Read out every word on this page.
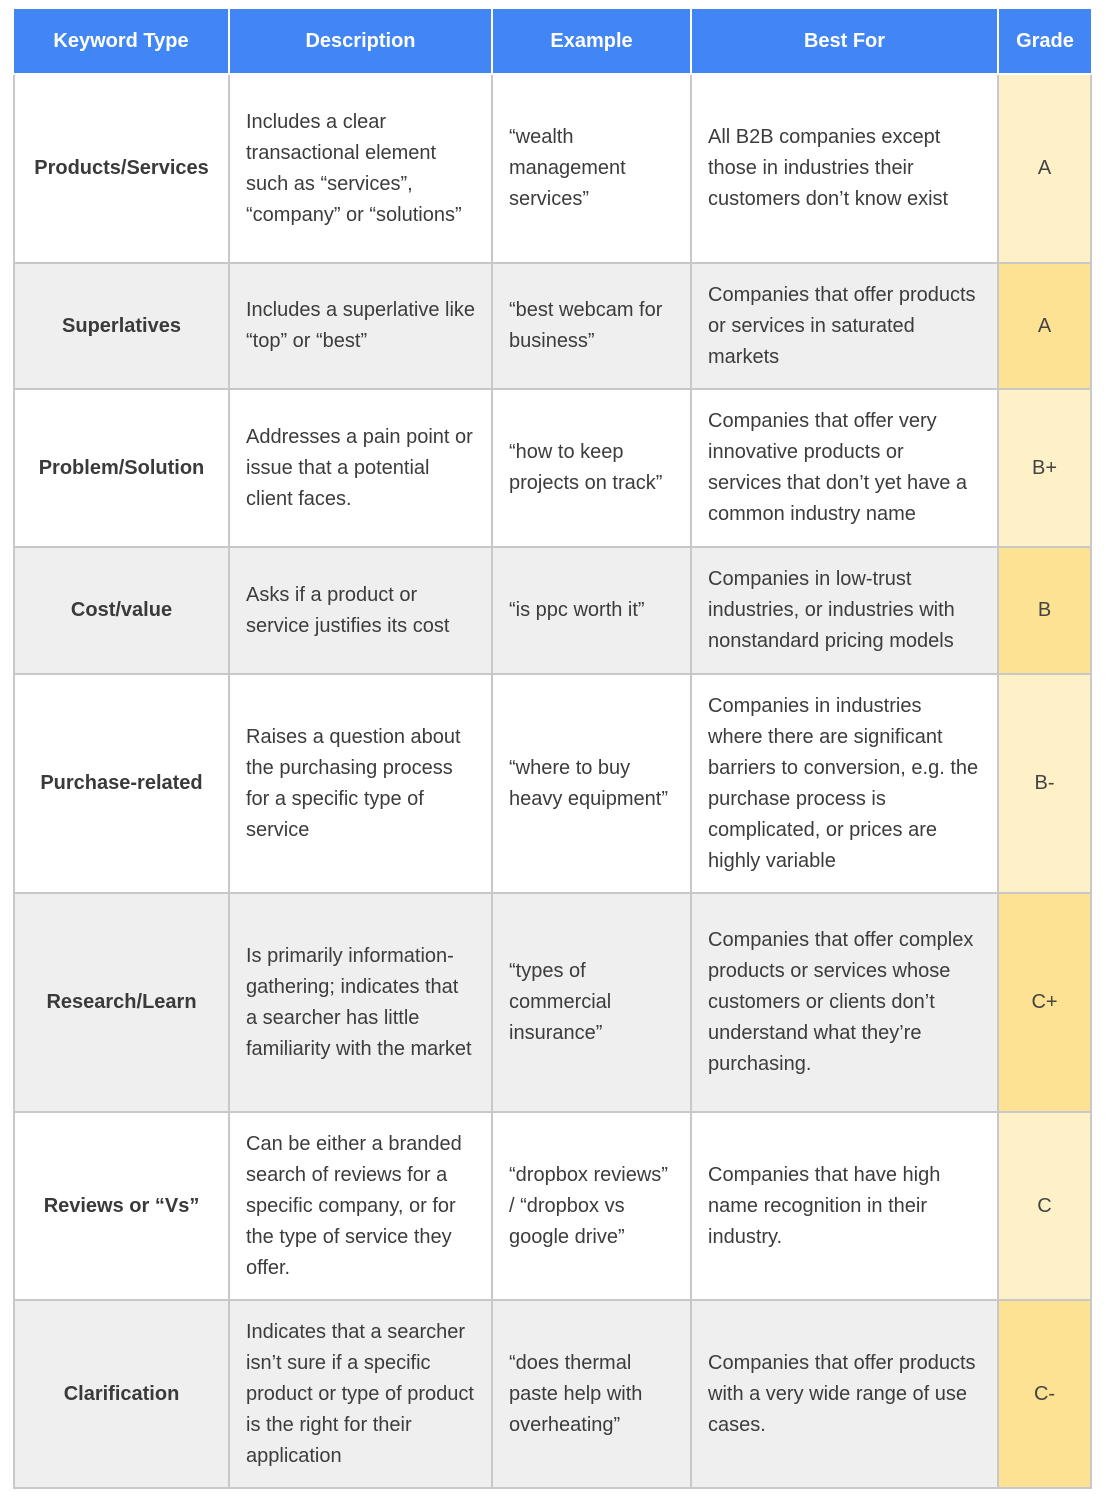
Keyword Type	Description	Example	Best For	Grade
Products/Services	Includes a clear transactional element such as “services”, “company” or “solutions”	“wealth management services”	All B2B companies except those in industries their customers don’t know exist	A
Superlatives	Includes a superlative like “top” or “best”	“best webcam for business”	Companies that offer products or services in saturated markets	A
Problem/Solution	Addresses a pain point or issue that a potential client faces.	“how to keep projects on track”	Companies that offer very innovative products or services that don’t yet have a common industry name	B+
Cost/value	Asks if a product or service justifies its cost	“is ppc worth it”	Companies in low-trust industries, or industries with nonstandard pricing models	B
Purchase-related	Raises a question about the purchasing process for a specific type of service	“where to buy heavy equipment”	Companies in industries where there are significant barriers to conversion, e.g. the purchase process is complicated, or prices are highly variable	B-
Research/Learn	Is primarily information-gathering; indicates that a searcher has little familiarity with the market	“types of commercial insurance”	Companies that offer complex products or services whose customers or clients don’t understand what they’re purchasing.	C+
Reviews or “Vs”	Can be either a branded search of reviews for a specific company, or for the type of service they offer.	“dropbox reviews” / “dropbox vs google drive”	Companies that have high name recognition in their industry.	C
Clarification	Indicates that a searcher isn’t sure if a specific product or type of product is the right for their application	“does thermal paste help with overheating”	Companies that offer products with a very wide range of use cases.	C-
